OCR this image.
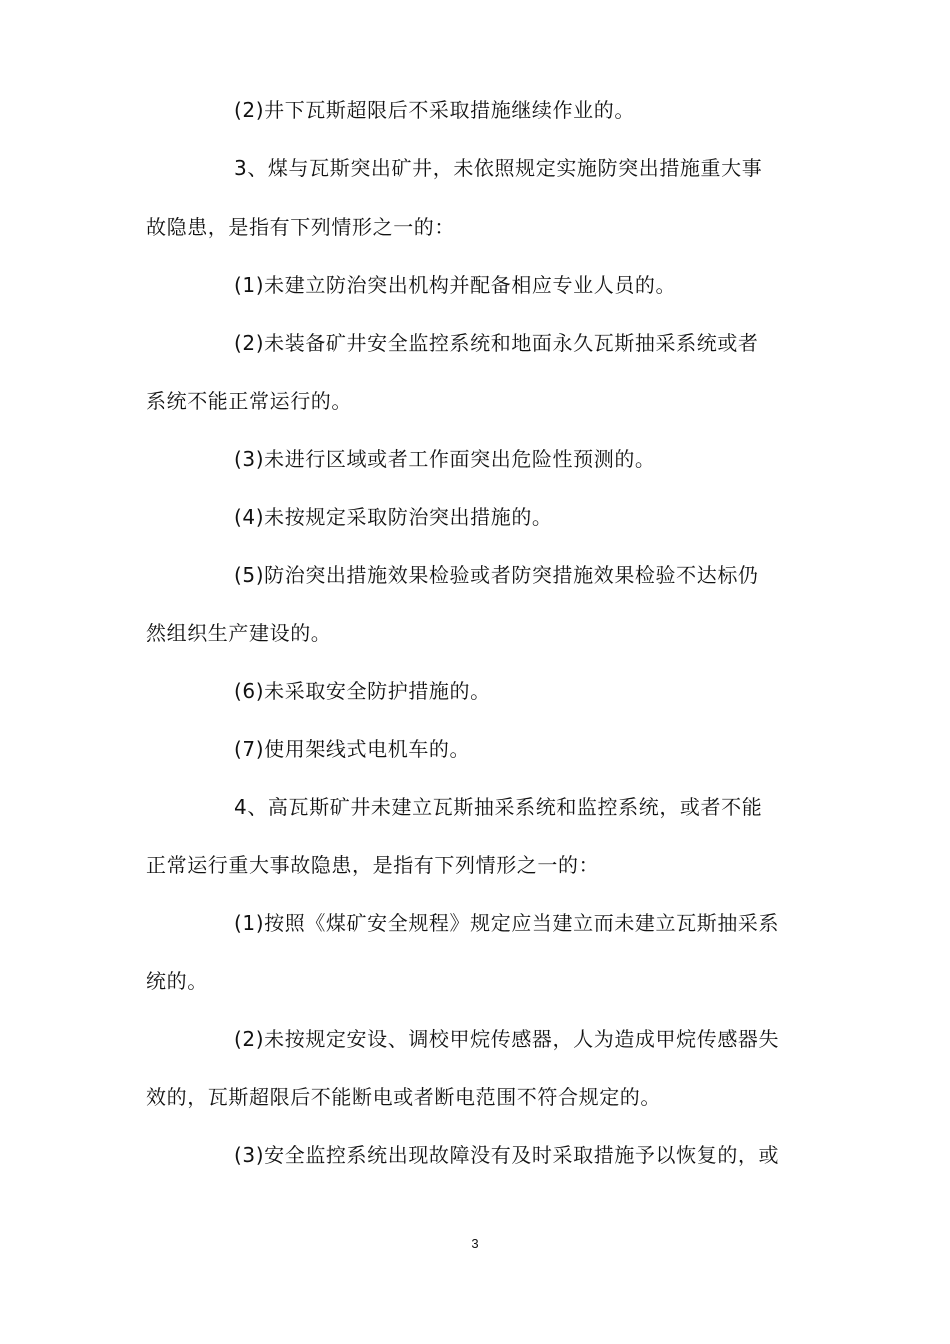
(2)井下瓦斯超限后不采取措施继续作业的。
3、煤与瓦斯突出矿井，未依照规定实施防突出措施重大事
故隐患，是指有下列情形之一的：
(1)未建立防治突出机构并配备相应专业人员的。
(2)未装备矿井安全监控系统和地面永久瓦斯抽采系统或者
系统不能正常运行的。
(3)未进行区域或者工作面突出危险性预测的。
(4)未按规定采取防治突出措施的。
(5)防治突出措施效果检验或者防突措施效果检验不达标仍
然组织生产建设的。
(6)未采取安全防护措施的。
(7)使用架线式电机车的。
4、高瓦斯矿井未建立瓦斯抽采系统和监控系统，或者不能
正常运行重大事故隐患，是指有下列情形之一的：
(1)按照《煤矿安全规程》规定应当建立而未建立瓦斯抽采系
统的。
(2)未按规定安设、调校甲烷传感器，人为造成甲烷传感器失
效的，瓦斯超限后不能断电或者断电范围不符合规定的。
(3)安全监控系统出现故障没有及时采取措施予以恢复的，或
3
